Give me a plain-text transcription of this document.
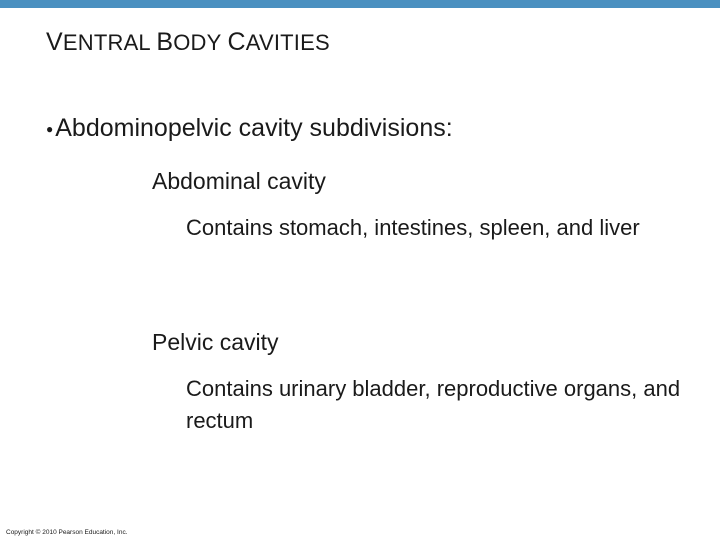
VENTRAL BODY CAVITIES
● Abdominopelvic cavity subdivisions:
Abdominal cavity
Contains stomach, intestines, spleen, and liver
Pelvic cavity
Contains urinary bladder, reproductive organs, and rectum
Copyright © 2010 Pearson Education, Inc.
